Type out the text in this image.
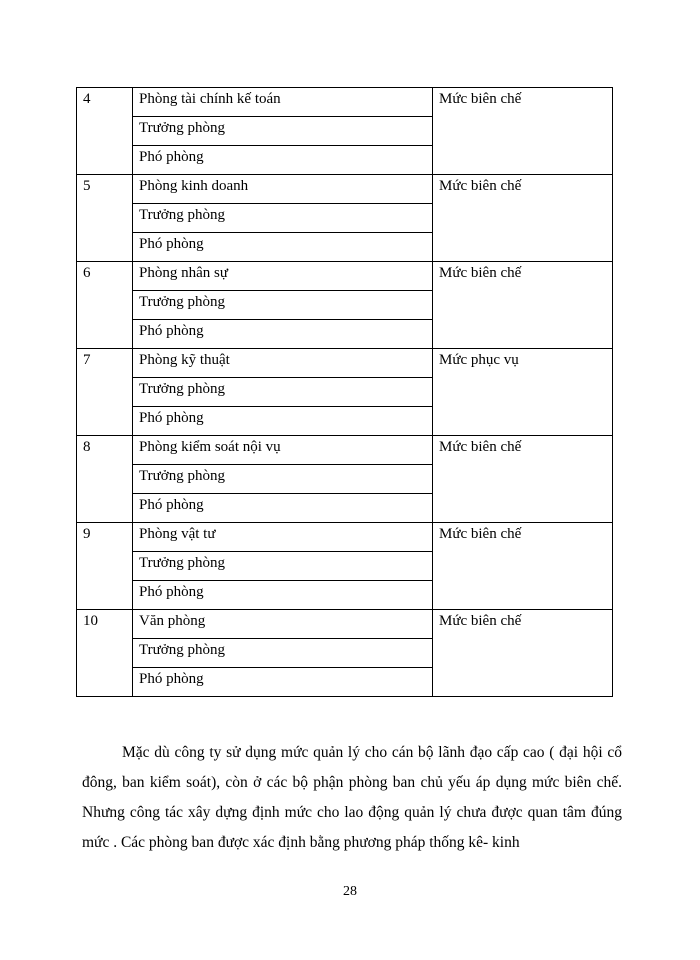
4	Phòng tài chính kế toán	Mức biên chế
	Trưởng phòng	
	Phó phòng	
5	Phòng kinh doanh	Mức biên chế
	Trưởng phòng	
	Phó phòng	
6	Phòng nhân sự	Mức biên chế
	Trưởng phòng	
	Phó phòng	
7	Phòng kỹ thuật	Mức phục vụ
	Trưởng phòng	
	Phó phòng	
8	Phòng kiểm soát nội vụ	Mức biên chế
	Trưởng phòng	
	Phó phòng	
9	Phòng vật tư	Mức biên chế
	Trưởng phòng	
	Phó phòng	
10	Văn phòng	Mức biên chế
	Trưởng phòng	
	Phó phòng	
Mặc dù công ty sử dụng mức quản lý cho cán bộ lãnh đạo cấp cao ( đại hội cổ đông, ban kiểm soát), còn ở các bộ phận phòng ban chủ yếu áp dụng mức biên chế. Nhưng công tác xây dựng định mức cho lao động quản lý chưa được quan tâm đúng mức . Các phòng ban được xác định bằng phương pháp thống kê- kinh
28
